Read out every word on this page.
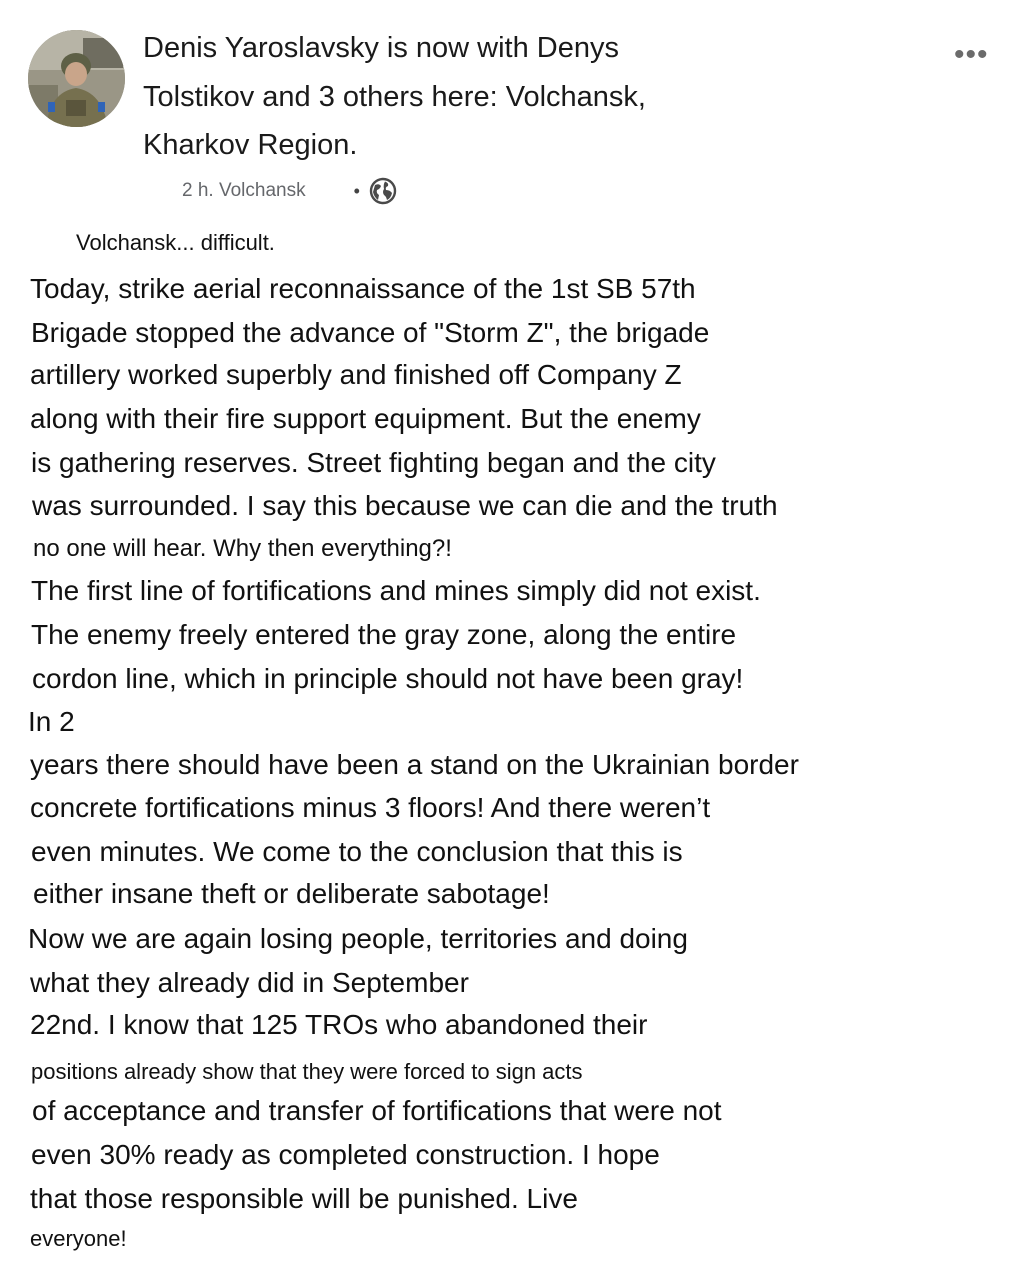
Denis Yaroslavsky is now with Denys
Tolstikov and 3 others here: Volchansk,
Kharkov Region.
•••
2 h. Volchansk	•
Volchansk... difficult.
Today, strike aerial reconnaissance of the 1st SB 57th
Brigade stopped the advance of "Storm Z", the brigade
artillery worked superbly and finished off Company Z
along with their fire support equipment. But the enemy
is gathering reserves. Street fighting began and the city
was surrounded. I say this because we can die and the truth
no one will hear. Why then everything?!
The first line of fortifications and mines simply did not exist.
The enemy freely entered the gray zone, along the entire
cordon line, which in principle should not have been gray!
In 2
years there should have been a stand on the Ukrainian border
concrete fortifications minus 3 floors! And there weren’t
even minutes. We come to the conclusion that this is
either insane theft or deliberate sabotage!
Now we are again losing people, territories and doing
what they already did in September
22nd. I know that 125 TROs who abandoned their
positions already show that they were forced to sign acts
of acceptance and transfer of fortifications that were not
even 30% ready as completed construction. I hope
that those responsible will be punished. Live
everyone!
